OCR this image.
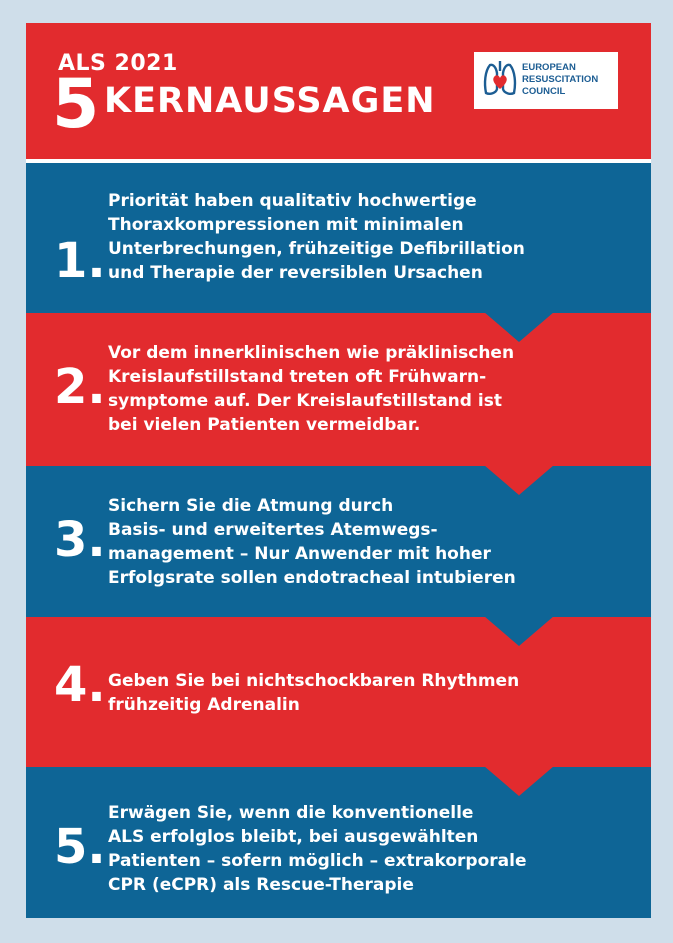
ALS 2021
5 KERNAUSSAGEN
EUROPEAN
RESUSCITATION
COUNCIL
1.
Priorität haben qualitativ hochwertige
Thoraxkompressionen mit minimalen
Unterbrechungen, frühzeitige Defibrillation
und Therapie der reversiblen Ursachen
2.
Vor dem innerklinischen wie präklinischen
Kreislaufstillstand treten oft Frühwarn-
symptome auf. Der Kreislaufstillstand ist
bei vielen Patienten vermeidbar.
3.
Sichern Sie die Atmung durch
Basis- und erweitertes Atemwegs-
management – Nur Anwender mit hoher
Erfolgsrate sollen endotracheal intubieren
4. Geben Sie bei nichtschockbaren Rhythmen
frühzeitig Adrenalin
5.
Erwägen Sie, wenn die konventionelle
ALS erfolglos bleibt, bei ausgewählten
Patienten – sofern möglich – extrakorporale
CPR (eCPR) als Rescue-Therapie
